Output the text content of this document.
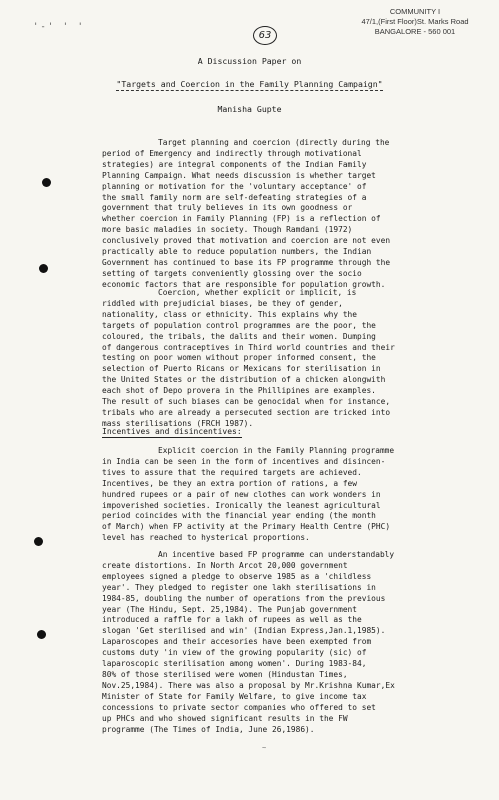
COMMUNITY I
47/1,(First Floor)St. Marks Road
BANGALORE - 560 001
'-' ' '
63
A Discussion Paper on
"Targets and Coercion in the Family Planning Campaign"
Manisha Gupte

Target planning and coercion (directly during the
period of Emergency and indirectly through motivational
strategies) are integral components of the Indian Family
Planning Campaign. What needs discussion is whether target
planning or motivation for the 'voluntary acceptance' of
the small family norm are self-defeating strategies of a
government that truly believes in its own goodness or
whether coercion in Family Planning (FP) is a reflection of
more basic maladies in society. Though Ramdani (1972)
conclusively proved that motivation and coercion are not even
practically able to reduce population numbers, the Indian
Government has continued to base its FP programme through the
setting of targets conveniently glossing over the socio
economic factors that are responsible for population growth.

Coercion, whether explicit or implicit, is
riddled with prejudicial biases, be they of gender,
nationality, class or ethnicity. This explains why the
targets of population control programmes are the poor, the
coloured, the tribals, the dalits and their women. Dumping
of dangerous contraceptives in Third world countries and their
testing on poor women without proper informed consent, the
selection of Puerto Ricans or Mexicans for sterilisation in
the United States or the distribution of a chicken alongwith
each shot of Depo provera in the Phillipines are examples.
The result of such biases can be genocidal when for instance,
tribals who are already a persecuted section are tricked into
mass sterilisations (FRCH 1987).

Incentives and disincentives:

Explicit coercion in the Family Planning programme
in India can be seen in the form of incentives and disincen-
tives to assure that the required targets are achieved.
Incentives, be they an extra portion of rations, a few
hundred rupees or a pair of new clothes can work wonders in
impoverished societies. Ironically the leanest agricultural
period coincides with the financial year ending (the month
of March) when FP activity at the Primary Health Centre (PHC)
level has reached to hysterical proportions.

An incentive based FP programme can understandably
create distortions. In North Arcot 20,000 government
employees signed a pledge to observe 1985 as a 'childless
year'. They pledged to register one lakh sterilisations in
1984-85, doubling the number of operations from the previous
year (The Hindu, Sept. 25,1984). The Punjab government
introduced a raffle for a lakh of rupees as well as the
slogan 'Get sterilised and win' (Indian Express,Jan.1,1985).
Laparoscopes and their accesories have been exempted from
customs duty 'in view of the growing popularity (sic) of
laparoscopic sterilisation among women'. During 1983-84,
80% of those sterilised were women (Hindustan Times,
Nov.25,1984). There was also a proposal by Mr.Krishna Kumar,Ex
Minister of State for Family Welfare, to give income tax
concessions to private sector companies who offered to set
up PHCs and who showed significant results in the FW
programme (The Times of India, June 26,1986).

~
